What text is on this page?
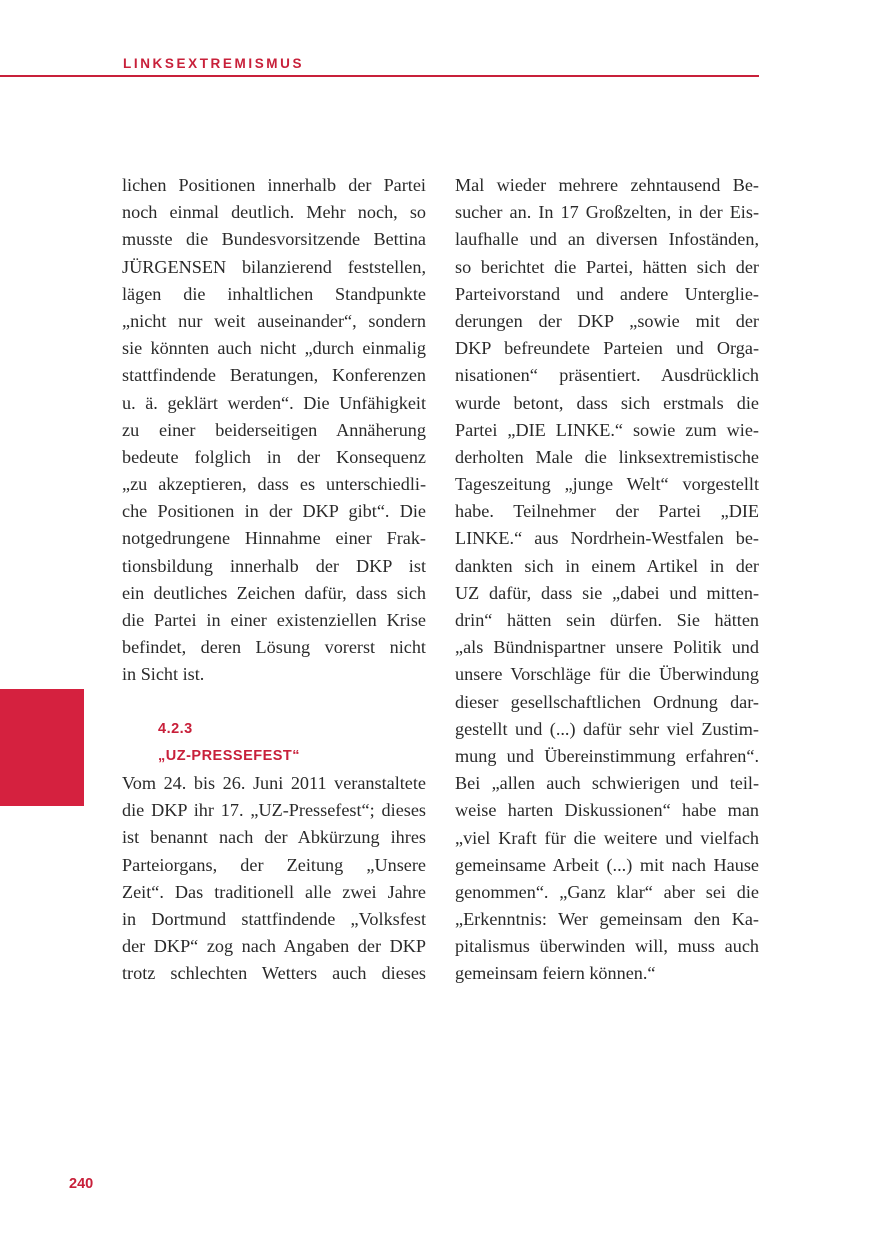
LINKSEXTREMISMUS
lichen Positionen innerhalb der Partei
noch einmal deutlich. Mehr noch, so
musste die Bundesvorsitzende Bettina
JÜRGENSEN bilanzierend feststellen,
lägen die inhaltlichen Standpunkte
„nicht nur weit auseinander“, sondern
sie könnten auch nicht „durch einmalig
stattfindende Beratungen, Konferenzen
u. ä. geklärt werden“. Die Unfähigkeit
zu einer beiderseitigen Annäherung
bedeute folglich in der Konsequenz
„zu akzeptieren, dass es unterschiedli-
che Positionen in der DKP gibt“. Die
notgedrungene Hinnahme einer Frak-
tionsbildung innerhalb der DKP ist
ein deutliches Zeichen dafür, dass sich
die Partei in einer existenziellen Krise
befindet, deren Lösung vorerst nicht
in Sicht ist.
4.2.3
„UZ-PRESSEFEST“
Vom 24. bis 26. Juni 2011 veranstaltete
die DKP ihr 17. „UZ-Pressefest“; dieses
ist benannt nach der Abkürzung ihres
Parteiorgans, der Zeitung „Unsere
Zeit“. Das traditionell alle zwei Jahre
in Dortmund stattfindende „Volksfest
der DKP“ zog nach Angaben der DKP
trotz schlechten Wetters auch dieses
Mal wieder mehrere zehntausend Be-
sucher an. In 17 Großzelten, in der Eis-
laufhalle und an diversen Infoständen,
so berichtet die Partei, hätten sich der
Parteivorstand und andere Unterglie-
derungen der DKP „sowie mit der
DKP befreundete Parteien und Orga-
nisationen“ präsentiert. Ausdrücklich
wurde betont, dass sich erstmals die
Partei „DIE LINKE.“ sowie zum wie-
derholten Male die linksextremistische
Tageszeitung „junge Welt“ vorgestellt
habe. Teilnehmer der Partei „DIE
LINKE.“ aus Nordrhein-Westfalen be-
dankten sich in einem Artikel in der
UZ dafür, dass sie „dabei und mitten-
drin“ hätten sein dürfen. Sie hätten
„als Bündnispartner unsere Politik und
unsere Vorschläge für die Überwindung
dieser gesellschaftlichen Ordnung dar-
gestellt und (...) dafür sehr viel Zustim-
mung und Übereinstimmung erfahren“.
Bei „allen auch schwierigen und teil-
weise harten Diskussionen“ habe man
„viel Kraft für die weitere und vielfach
gemeinsame Arbeit (...) mit nach Hause
genommen“. „Ganz klar“ aber sei die
„Erkenntnis: Wer gemeinsam den Ka-
pitalismus überwinden will, muss auch
gemeinsam feiern können.“
240
